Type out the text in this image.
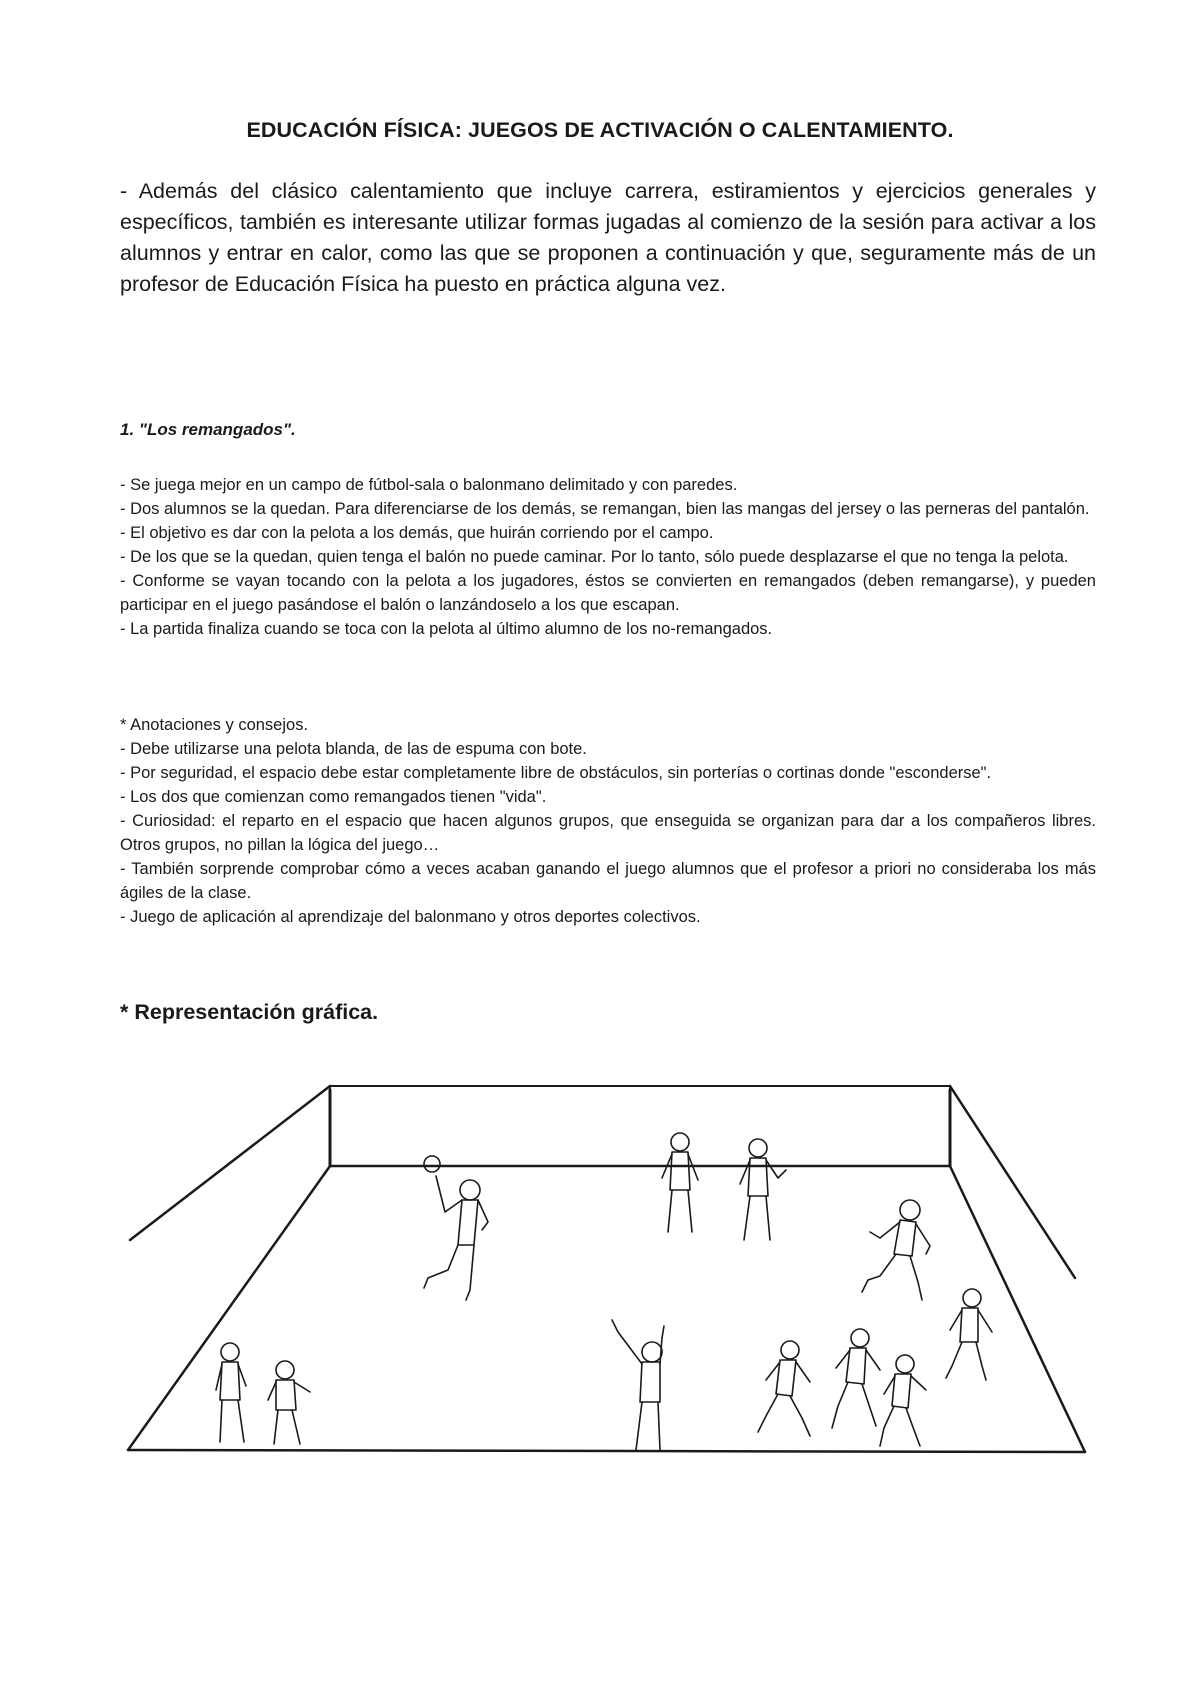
EDUCACIÓN FÍSICA: JUEGOS DE ACTIVACIÓN O CALENTAMIENTO.

- Además del clásico calentamiento que incluye carrera, estiramientos y ejercicios generales y específicos, también es interesante utilizar formas jugadas al comienzo de la sesión para activar a los alumnos y entrar en calor, como las que se proponen a continuación y que, seguramente más de un profesor de Educación Física ha puesto en práctica alguna vez.

1. "Los remangados".

- Se juega mejor en un campo de fútbol-sala o balonmano delimitado y con paredes.

- Dos alumnos se la quedan. Para diferenciarse de los demás, se remangan, bien las mangas del jersey o las perneras del pantalón.

- El objetivo es dar con la pelota a los demás, que huirán corriendo por el campo.

- De los que se la quedan, quien tenga el balón no puede caminar. Por lo tanto, sólo puede desplazarse el que no tenga la pelota.

- Conforme se vayan tocando con la pelota a los jugadores, éstos se convierten en remangados (deben remangarse), y pueden participar en el juego pasándose el balón o lanzándoselo a los que escapan.

- La partida finaliza cuando se toca con la pelota al último alumno de los no-remangados.

* Anotaciones y consejos.

- Debe utilizarse una pelota blanda, de las de espuma con bote.

- Por seguridad, el espacio debe estar completamente libre de obstáculos, sin porterías o cortinas donde "esconderse".

- Los dos que comienzan como remangados tienen "vida".

- Curiosidad: el reparto en el espacio que hacen algunos grupos, que enseguida se organizan para dar a los compañeros libres. Otros grupos, no pillan la lógica del juego…

- También sorprende comprobar cómo a veces acaban ganando el juego alumnos que el profesor a priori no consideraba los más ágiles de la clase.

- Juego de aplicación al aprendizaje del balonmano y otros deportes colectivos.

* Representación gráfica.
